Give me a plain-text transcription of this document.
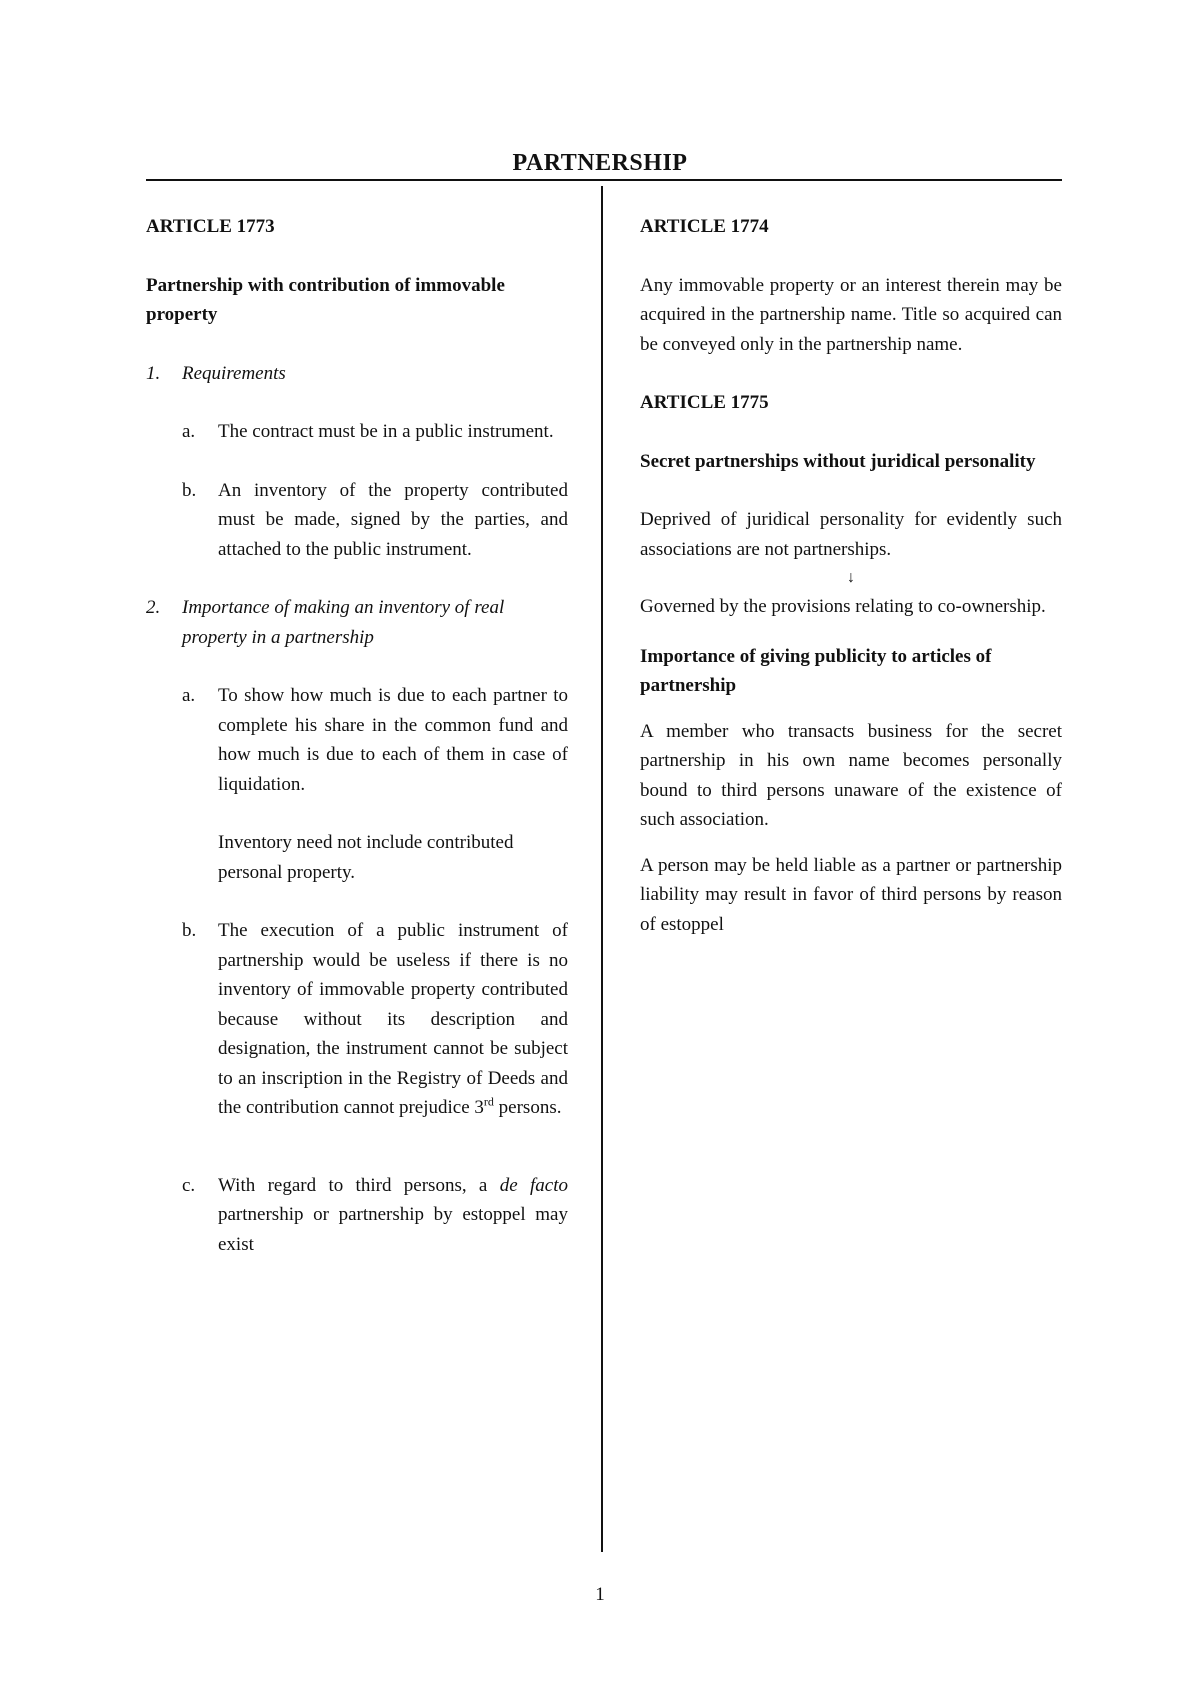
PARTNERSHIP

ARTICLE 1773

Partnership with contribution of immovable property

1.	Requirements
a.	The contract must be in a public instrument.
b.	An inventory of the property contributed must be made, signed by the parties, and attached to the public instrument.
2.	Importance of making an inventory of real property in a partnership
a.	To show how much is due to each partner to complete his share in the common fund and how much is due to each of them in case of liquidation.

Inventory need not include contributed personal property.

b.	The execution of a public instrument of partnership would be useless if there is no inventory of immovable property contributed because without its description and designation, the instrument cannot be subject to an inscription in the Registry of Deeds and the contribution cannot prejudice 3rd persons.
c.	With regard to third persons, a de facto partnership or partnership by estoppel may exist

ARTICLE 1774

Any immovable property or an interest therein may be acquired in the partnership name. Title so acquired can be conveyed only in the partnership name.

ARTICLE 1775

Secret partnerships without juridical personality

Deprived of juridical personality for evidently such associations are not partnerships.

↓

Governed by the provisions relating to co-ownership.

Importance of giving publicity to articles of partnership

A member who transacts business for the secret partnership in his own name becomes personally bound to third persons unaware of the existence of such association.

A person may be held liable as a partner or partnership liability may result in favor of third persons by reason of estoppel

1
